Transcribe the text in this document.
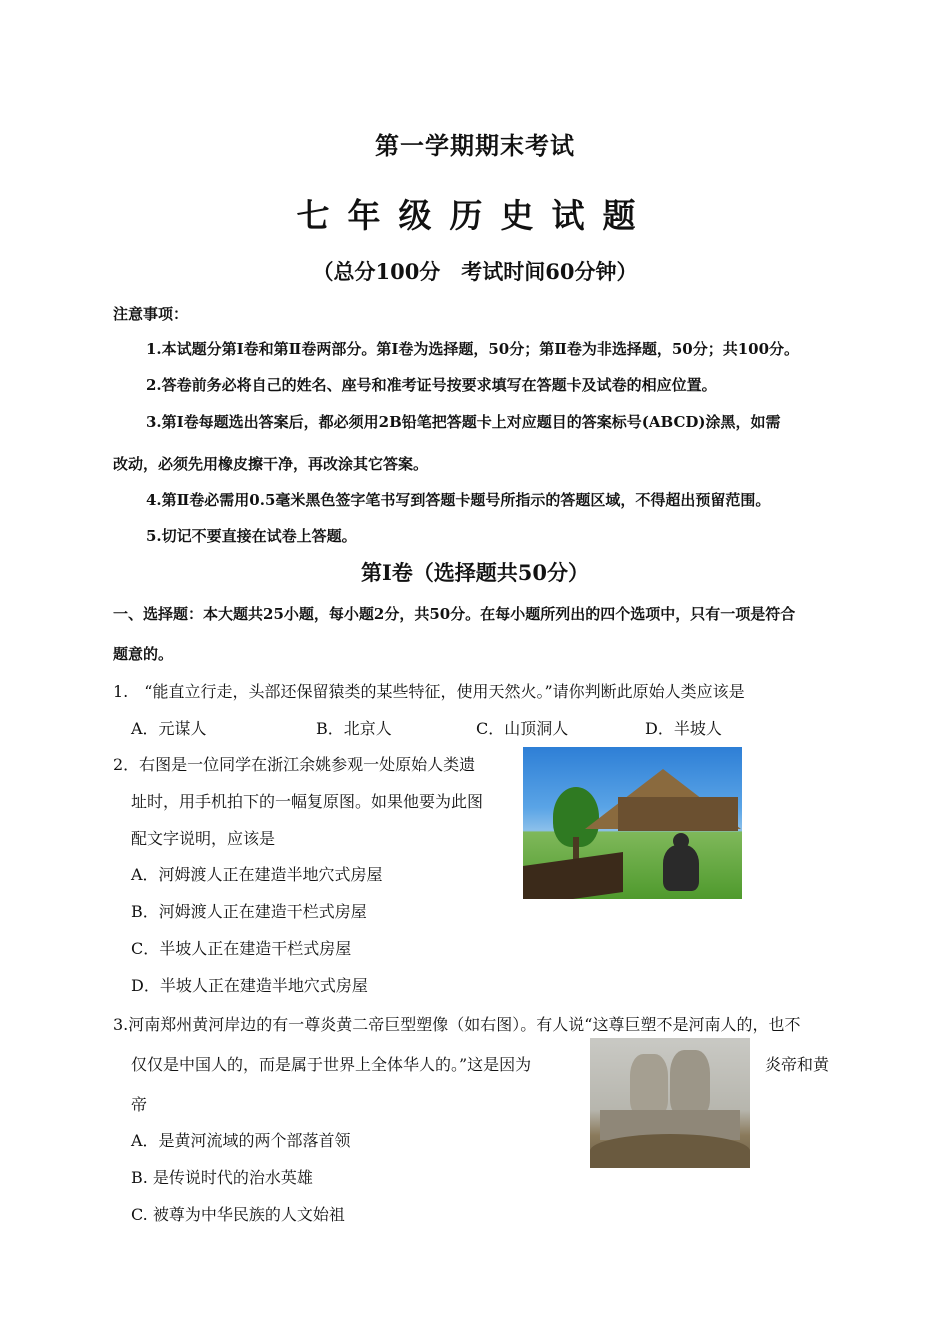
第一学期期末考试
七年级历史试题
（总分100分　考试时间60分钟）
注意事项：
1.本试题分第Ⅰ卷和第Ⅱ卷两部分。第Ⅰ卷为选择题，50分；第Ⅱ卷为非选择题，50分；共100分。
2.答卷前务必将自己的姓名、座号和准考证号按要求填写在答题卡及试卷的相应位置。
3.第Ⅰ卷每题选出答案后，都必须用2B铅笔把答题卡上对应题目的答案标号(ABCD)涂黑，如需
改动，必须先用橡皮擦干净，再改涂其它答案。
4.第Ⅱ卷必需用0.5毫米黑色签字笔书写到答题卡题号所指示的答题区域，不得超出预留范围。
5.切记不要直接在试卷上答题。
第Ⅰ卷（选择题共50分）
一、选择题：本大题共25小题，每小题2分，共50分。在每小题所列出的四个选项中，只有一项是符合
题意的。
1.　“能直立行走，头部还保留猿类的某些特征，使用天然火。”请你判断此原始人类应该是
A．元谋人	B．北京人	C．山顶洞人	D．半坡人
2．右图是一位同学在浙江余姚参观一处原始人类遗
址时，用手机拍下的一幅复原图。如果他要为此图
配文字说明，应该是
A．河姆渡人正在建造半地穴式房屋
B．河姆渡人正在建造干栏式房屋
C．半坡人正在建造干栏式房屋
D．半坡人正在建造半地穴式房屋
3.河南郑州黄河岸边的有一尊炎黄二帝巨型塑像（如右图）。有人说“这尊巨塑不是河南人的，也不
仅仅是中国人的，而是属于世界上全体华人的。”这是因为	炎帝和黄
帝
A．是黄河流域的两个部落首领
B. 是传说时代的治水英雄
C. 被尊为中华民族的人文始祖
